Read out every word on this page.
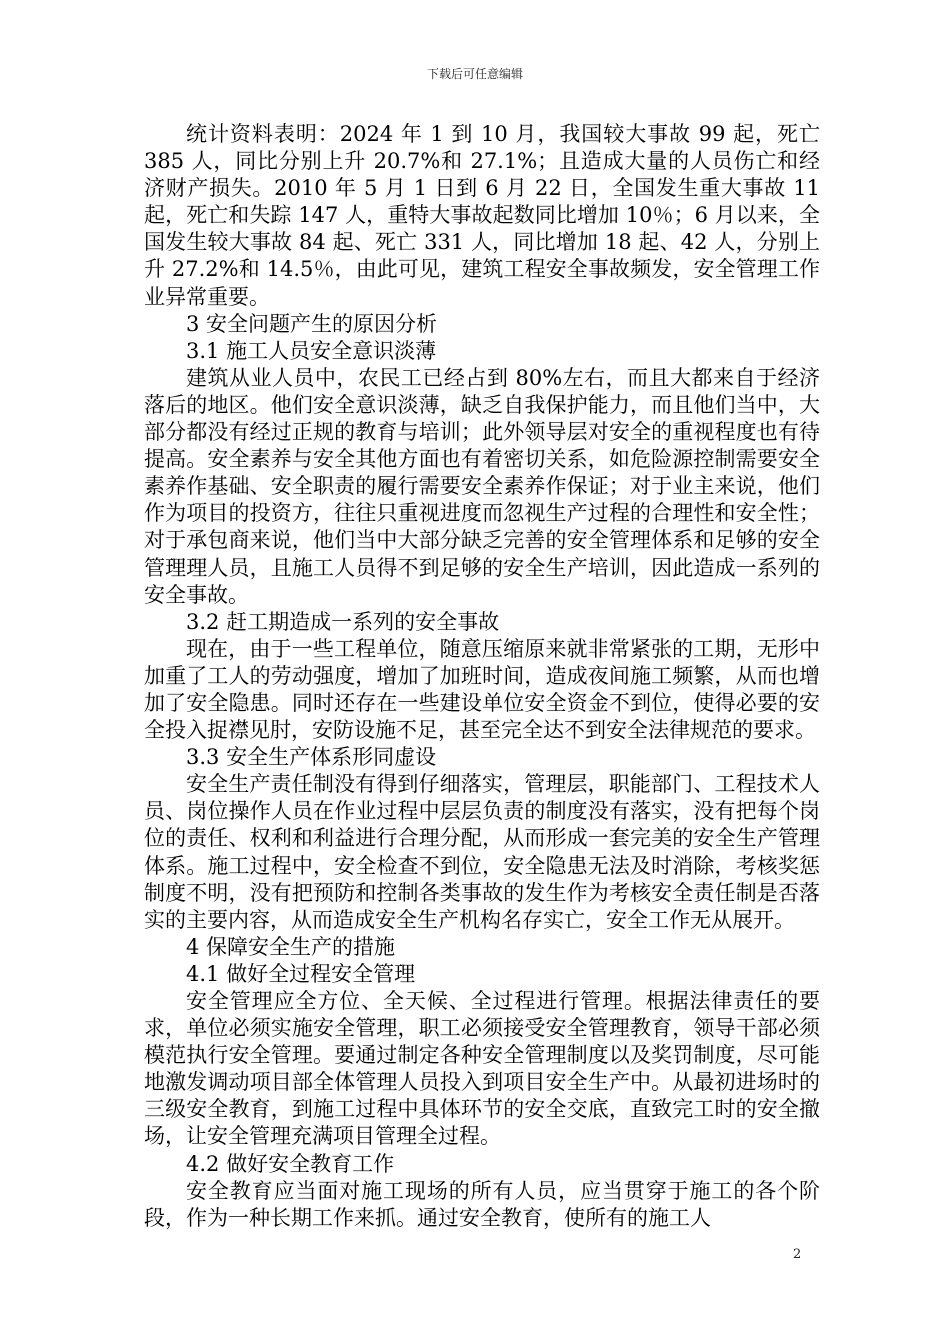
下载后可任意编辑

统计资料表明：2024 年 1 到 10 月，我国较大事故 99 起，死亡 385 人，同比分别上升 20.7%和 27.1%；且造成大量的人员伤亡和经济财产损失。2010 年 5 月 1 日到 6 月 22 日，全国发生重大事故 11 起，死亡和失踪 147 人，重特大事故起数同比增加 10％；6 月以来，全国发生较大事故 84 起、死亡 331 人，同比增加 18 起、42 人，分别上升 27.2%和 14.5％，由此可见，建筑工程安全事故频发，安全管理工作业异常重要。

3 安全问题产生的原因分析

3.1 施工人员安全意识淡薄

建筑从业人员中，农民工已经占到 80%左右，而且大都来自于经济落后的地区。他们安全意识淡薄，缺乏自我保护能力，而且他们当中，大部分都没有经过正规的教育与培训；此外领导层对安全的重视程度也有待提高。安全素养与安全其他方面也有着密切关系，如危险源控制需要安全素养作基础、安全职责的履行需要安全素养作保证；对于业主来说，他们作为项目的投资方，往往只重视进度而忽视生产过程的合理性和安全性；对于承包商来说，他们当中大部分缺乏完善的安全管理体系和足够的安全管理理人员，且施工人员得不到足够的安全生产培训，因此造成一系列的安全事故。

3.2 赶工期造成一系列的安全事故

现在，由于一些工程单位，随意压缩原来就非常紧张的工期，无形中加重了工人的劳动强度，增加了加班时间，造成夜间施工频繁，从而也增加了安全隐患。同时还存在一些建设单位安全资金不到位，使得必要的安全投入捉襟见肘，安防设施不足，甚至完全达不到安全法律规范的要求。

3.3 安全生产体系形同虚设

安全生产责任制没有得到仔细落实，管理层，职能部门、工程技术人员、岗位操作人员在作业过程中层层负责的制度没有落实，没有把每个岗位的责任、权利和利益进行合理分配，从而形成一套完美的安全生产管理体系。施工过程中，安全检查不到位，安全隐患无法及时消除，考核奖惩制度不明，没有把预防和控制各类事故的发生作为考核安全责任制是否落实的主要内容，从而造成安全生产机构名存实亡，安全工作无从展开。

4 保障安全生产的措施

4.1 做好全过程安全管理

安全管理应全方位、全天候、全过程进行管理。根据法律责任的要求，单位必须实施安全管理，职工必须接受安全管理教育，领导干部必须模范执行安全管理。要通过制定各种安全管理制度以及奖罚制度，尽可能地激发调动项目部全体管理人员投入到项目安全生产中。从最初进场时的三级安全教育，到施工过程中具体环节的安全交底，直致完工时的安全撤场，让安全管理充满项目管理全过程。

4.2 做好安全教育工作

安全教育应当面对施工现场的所有人员，应当贯穿于施工的各个阶段，作为一种长期工作来抓。通过安全教育，使所有的施工人

2
